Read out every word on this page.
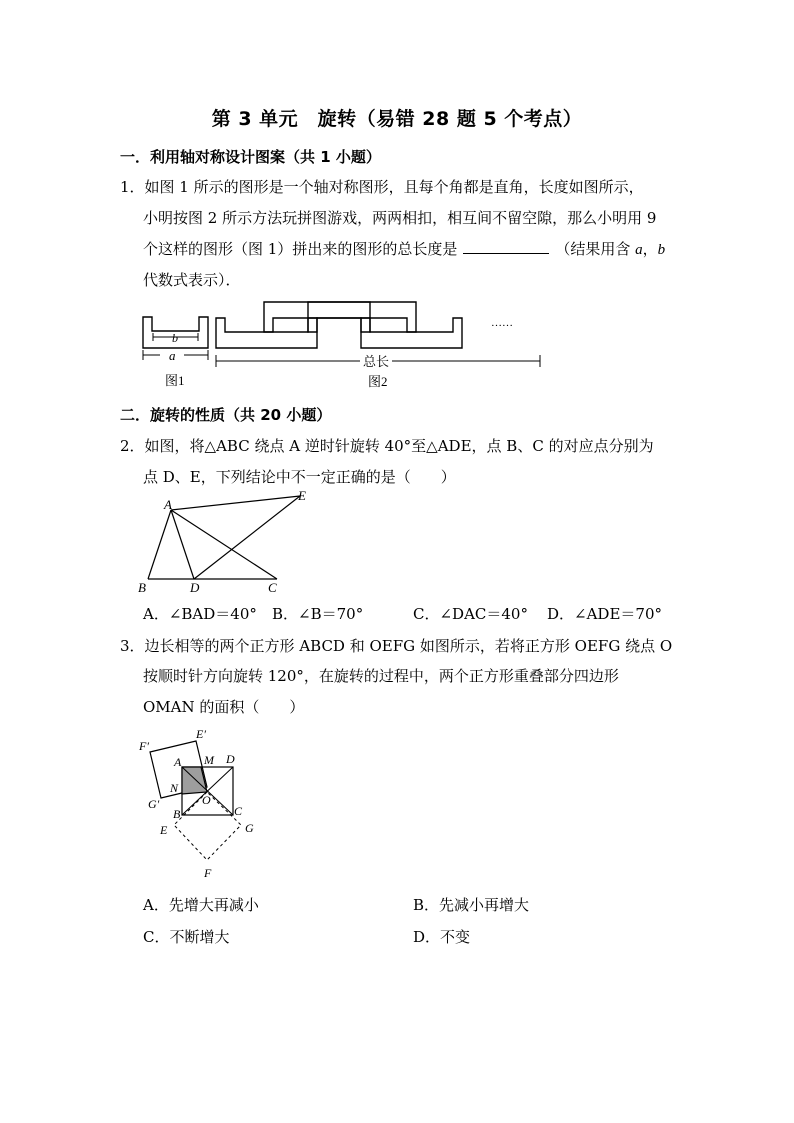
第 3 单元　旋转（易错 28 题 5 个考点）
一．利用轴对称设计图案（共 1 小题）
1．如图 1 所示的图形是一个轴对称图形，且每个角都是直角，长度如图所示，
小明按图 2 所示方法玩拼图游戏，两两相扣，相互间不留空隙，那么小明用 9
个这样的图形（图 1）拼出来的图形的总长度是	（结果用含 a，b
代数式表示）．
b
a
图1
总长
图2
……
二．旋转的性质（共 20 小题）
2．如图，将△ABC 绕点 A 逆时针旋转 40°至△ADE，点 B、C 的对应点分别为
点 D、E，下列结论中不一定正确的是（　　）
A
E
B	D	C
A．∠BAD＝40° B．∠B＝70°	C．∠DAC＝40° D．∠ADE＝70°
3．边长相等的两个正方形 ABCD 和 OEFG 如图所示，若将正方形 OEFG 绕点 O
按顺时针方向旋转 120°，在旋转的过程中，两个正方形重叠部分四边形
OMAN 的面积（　　）
F′
E′
A M D
N
G′	O
B	C
E	G
F
A．先增大再减小	B．先减小再增大
C．不断增大	D．不变
